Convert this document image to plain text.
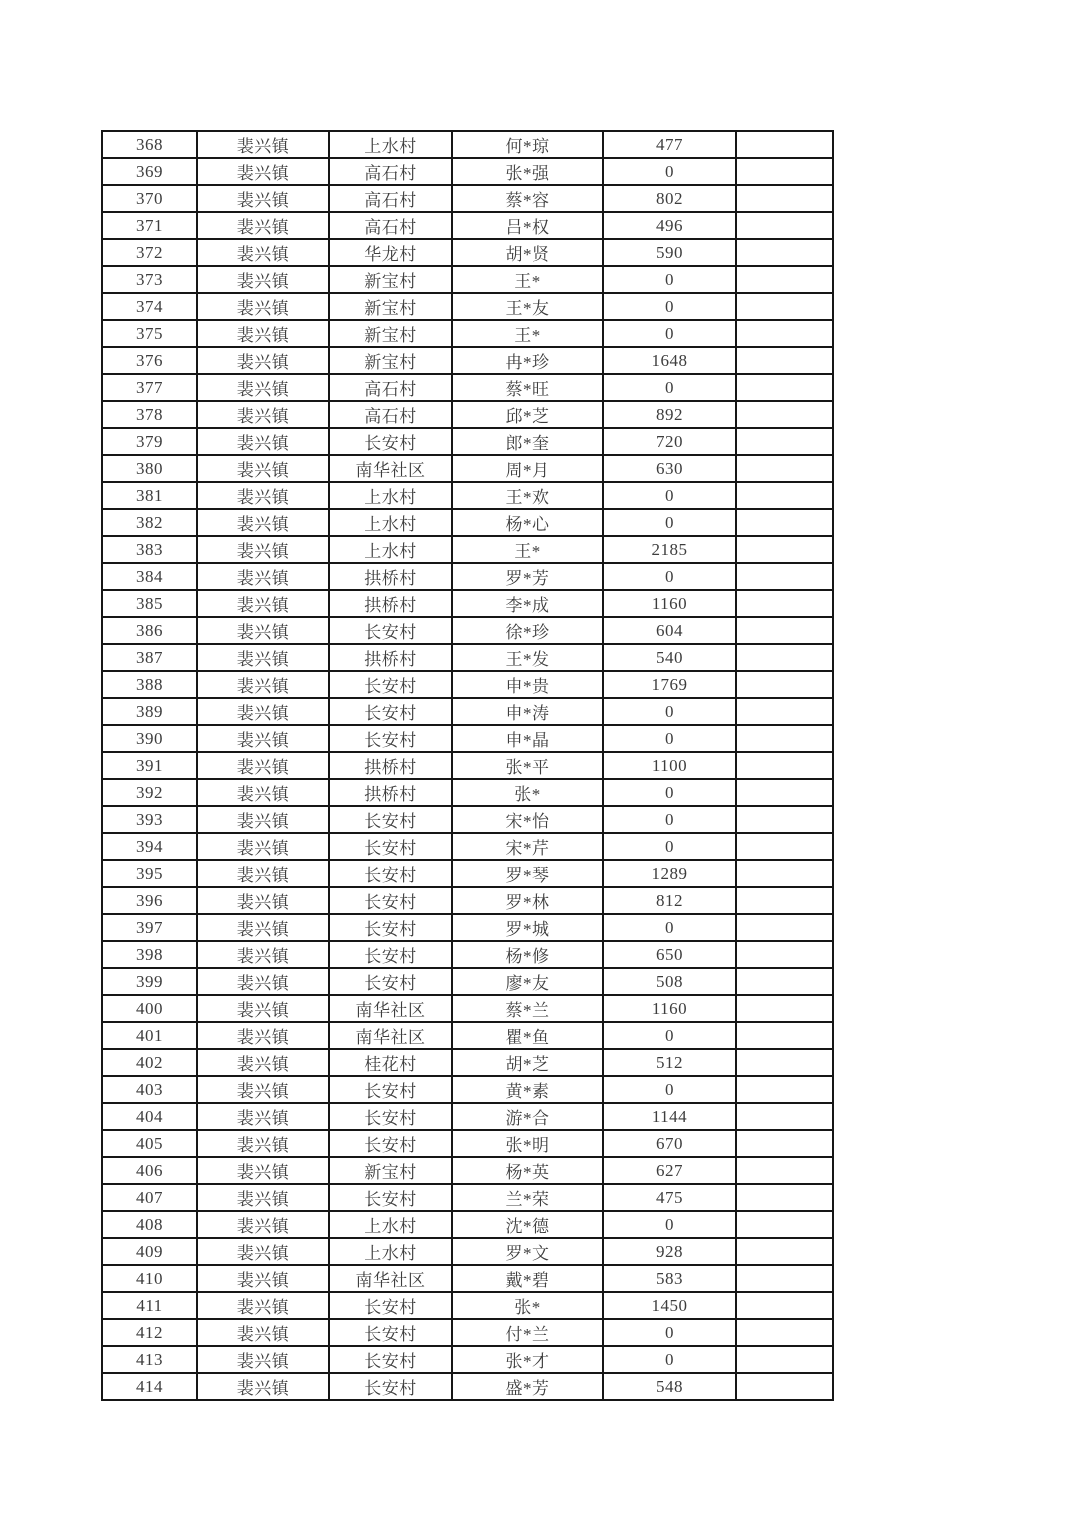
368	裴兴镇	上水村	何*琼	477	
369	裴兴镇	高石村	张*强	0	
370	裴兴镇	高石村	蔡*容	802	
371	裴兴镇	高石村	吕*权	496	
372	裴兴镇	华龙村	胡*贤	590	
373	裴兴镇	新宝村	王*	0	
374	裴兴镇	新宝村	王*友	0	
375	裴兴镇	新宝村	王*	0	
376	裴兴镇	新宝村	冉*珍	1648	
377	裴兴镇	高石村	蔡*旺	0	
378	裴兴镇	高石村	邱*芝	892	
379	裴兴镇	长安村	郎*奎	720	
380	裴兴镇	南华社区	周*月	630	
381	裴兴镇	上水村	王*欢	0	
382	裴兴镇	上水村	杨*心	0	
383	裴兴镇	上水村	王*	2185	
384	裴兴镇	拱桥村	罗*芳	0	
385	裴兴镇	拱桥村	李*成	1160	
386	裴兴镇	长安村	徐*珍	604	
387	裴兴镇	拱桥村	王*发	540	
388	裴兴镇	长安村	申*贵	1769	
389	裴兴镇	长安村	申*涛	0	
390	裴兴镇	长安村	申*晶	0	
391	裴兴镇	拱桥村	张*平	1100	
392	裴兴镇	拱桥村	张*	0	
393	裴兴镇	长安村	宋*怡	0	
394	裴兴镇	长安村	宋*芹	0	
395	裴兴镇	长安村	罗*琴	1289	
396	裴兴镇	长安村	罗*林	812	
397	裴兴镇	长安村	罗*城	0	
398	裴兴镇	长安村	杨*修	650	
399	裴兴镇	长安村	廖*友	508	
400	裴兴镇	南华社区	蔡*兰	1160	
401	裴兴镇	南华社区	瞿*鱼	0	
402	裴兴镇	桂花村	胡*芝	512	
403	裴兴镇	长安村	黄*素	0	
404	裴兴镇	长安村	游*合	1144	
405	裴兴镇	长安村	张*明	670	
406	裴兴镇	新宝村	杨*英	627	
407	裴兴镇	长安村	兰*荣	475	
408	裴兴镇	上水村	沈*德	0	
409	裴兴镇	上水村	罗*文	928	
410	裴兴镇	南华社区	戴*碧	583	
411	裴兴镇	长安村	张*	1450	
412	裴兴镇	长安村	付*兰	0	
413	裴兴镇	长安村	张*才	0	
414	裴兴镇	长安村	盛*芳	548	
